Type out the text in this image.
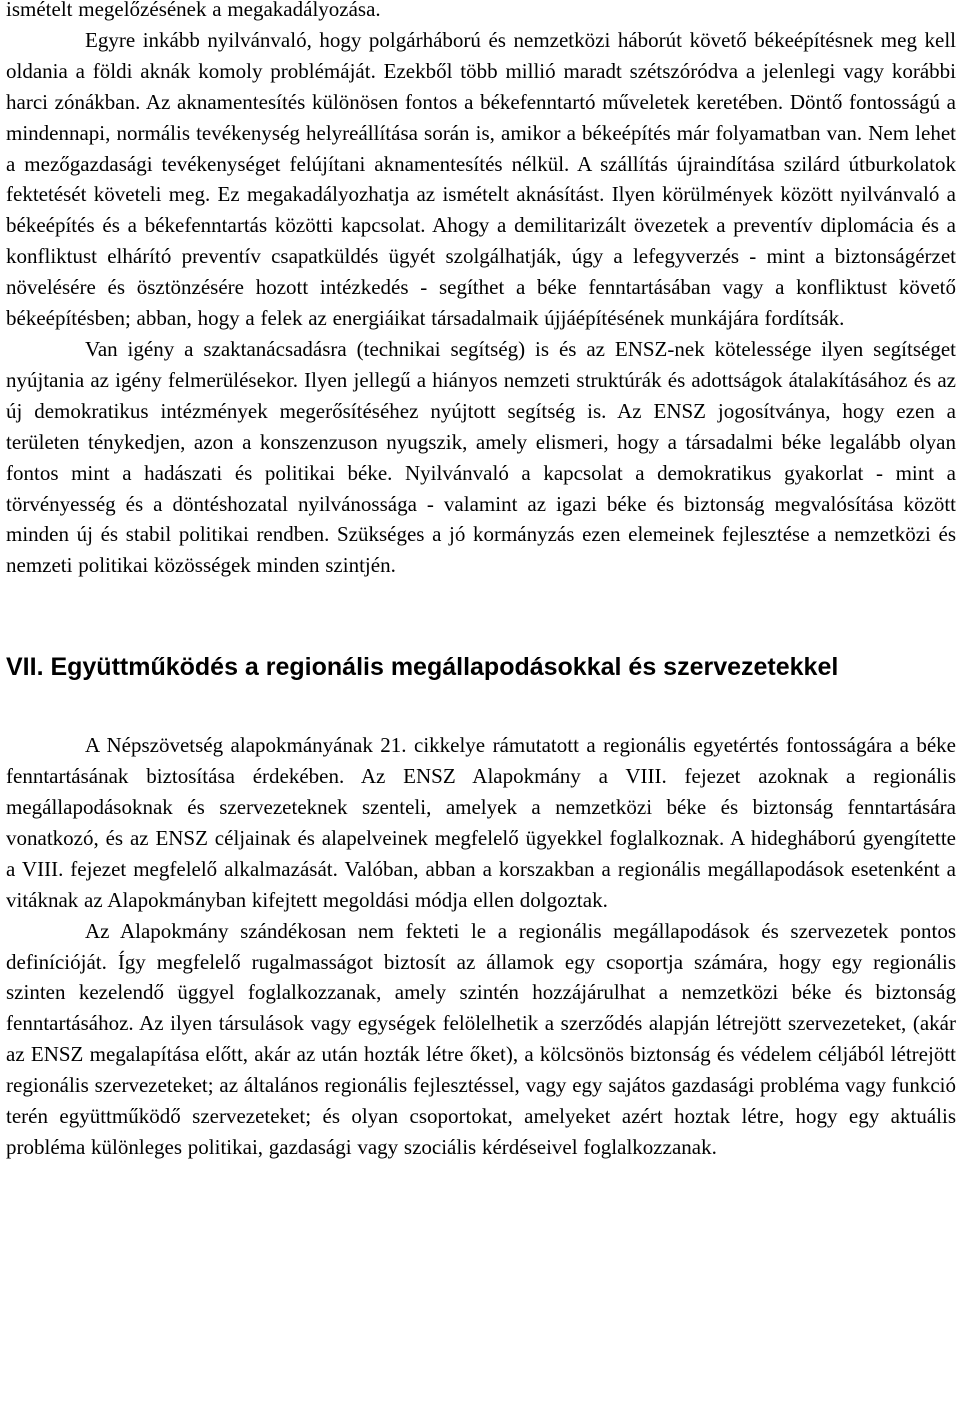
ismételt megelőzésének a megakadályozása.

Egyre inkább nyilvánvaló, hogy polgárháború és nemzetközi háborút követő békeépítésnek meg kell oldania a földi aknák komoly problémáját. Ezekből több millió maradt szétszóródva a jelenlegi vagy korábbi harci zónákban. Az aknamentesítés különösen fontos a békefenntartó műveletek keretében. Döntő fontosságú a mindennapi, normális tevékenység helyreállítása során is, amikor a békeépítés már folyamatban van. Nem lehet a mezőgazdasági tevékenységet felújítani aknamentesítés nélkül. A szállítás újraindítása szilárd útburkolatok fektetését követeli meg. Ez megakadályozhatja az ismételt aknásítást. Ilyen körülmények között nyilvánvaló a békeépítés és a békefenntartás közötti kapcsolat. Ahogy a demilitarizált övezetek a preventív diplomácia és a konfliktust elhárító preventív csapatküldés ügyét szolgálhatják, úgy a lefegyverzés - mint a biztonságérzet növelésére és ösztönzésére hozott intézkedés - segíthet a béke fenntartásában vagy a konfliktust követő békeépítésben; abban, hogy a felek az energiáikat társadalmaik újjáépítésének munkájára fordítsák.

Van igény a szaktanácsadásra (technikai segítség) is és az ENSZ-nek kötelessége ilyen segítséget nyújtania az igény felmerülésekor. Ilyen jellegű a hiányos nemzeti struktúrák és adottságok átalakításához és az új demokratikus intézmények megerősítéséhez nyújtott segítség is. Az ENSZ jogosítványa, hogy ezen a területen ténykedjen, azon a konszenzuson nyugszik, amely elismeri, hogy a társadalmi béke legalább olyan fontos mint a hadászati és politikai béke. Nyilvánvaló a kapcsolat a demokratikus gyakorlat - mint a törvényesség és a döntéshozatal nyilvánossága - valamint az igazi béke és biztonság megvalósítása között minden új és stabil politikai rendben. Szükséges a jó kormányzás ezen elemeinek fejlesztése a nemzetközi és nemzeti politikai közösségek minden szintjén.

VII. Együttműködés a regionális megállapodásokkal és szervezetekkel

A Népszövetség alapokmányának 21. cikkelye rámutatott a regionális egyetértés fontosságára a béke fenntartásának biztosítása érdekében. Az ENSZ Alapokmány a VIII. fejezet azoknak a regionális megállapodásoknak és szervezeteknek szenteli, amelyek a nemzetközi béke és biztonság fenntartására vonatkozó, és az ENSZ céljainak és alapelveinek megfelelő ügyekkel foglalkoznak. A hidegháború gyengítette a VIII. fejezet megfelelő alkalmazását. Valóban, abban a korszakban a regionális megállapodások esetenként a vitáknak az Alapokmányban kifejtett megoldási módja ellen dolgoztak.

Az Alapokmány szándékosan nem fekteti le a regionális megállapodások és szervezetek pontos definícióját. Így megfelelő rugalmasságot biztosít az államok egy csoportja számára, hogy egy regionális szinten kezelendő üggyel foglalkozzanak, amely szintén hozzájárulhat a nemzetközi béke és biztonság fenntartásához. Az ilyen társulások vagy egységek felölelhetik a szerződés alapján létrejött szervezeteket, (akár az ENSZ megalapítása előtt, akár az után hozták létre őket), a kölcsönös biztonság és védelem céljából létrejött regionális szervezeteket; az általános regionális fejlesztéssel, vagy egy sajátos gazdasági probléma vagy funkció terén együttműködő szervezeteket; és olyan csoportokat, amelyeket azért hoztak létre, hogy egy aktuális probléma különleges politikai, gazdasági vagy szociális kérdéseivel foglalkozzanak.
